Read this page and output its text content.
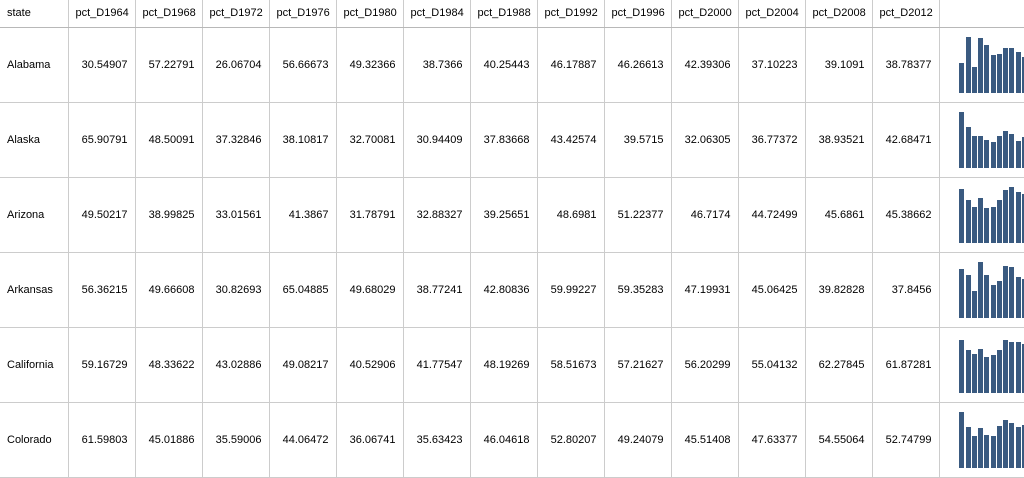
state	pct_D1964	pct_D1968	pct_D1972	pct_D1976	pct_D1980	pct_D1984	pct_D1988	pct_D1992	pct_D1996	pct_D2000	pct_D2004	pct_D2008	pct_D2012	
Alabama	30.54907	57.22791	26.06704	56.66673	49.32366	38.7366	40.25443	46.17887	46.26613	42.39306	37.10223	39.1091	38.78377	

Alaska	65.90791	48.50091	37.32846	38.10817	32.70081	30.94409	37.83668	43.42574	39.5715	32.06305	36.77372	38.93521	42.68471	

Arizona	49.50217	38.99825	33.01561	41.3867	31.78791	32.88327	39.25651	48.6981	51.22377	46.7174	44.72499	45.6861	45.38662	

Arkansas	56.36215	49.66608	30.82693	65.04885	49.68029	38.77241	42.80836	59.99227	59.35283	47.19931	45.06425	39.82828	37.8456	

California	59.16729	48.33622	43.02886	49.08217	40.52906	41.77547	48.19269	58.51673	57.21627	56.20299	55.04132	62.27845	61.87281	

Colorado	61.59803	45.01886	35.59006	44.06472	36.06741	35.63423	46.04618	52.80207	49.24079	45.51408	47.63377	54.55064	52.74799	
